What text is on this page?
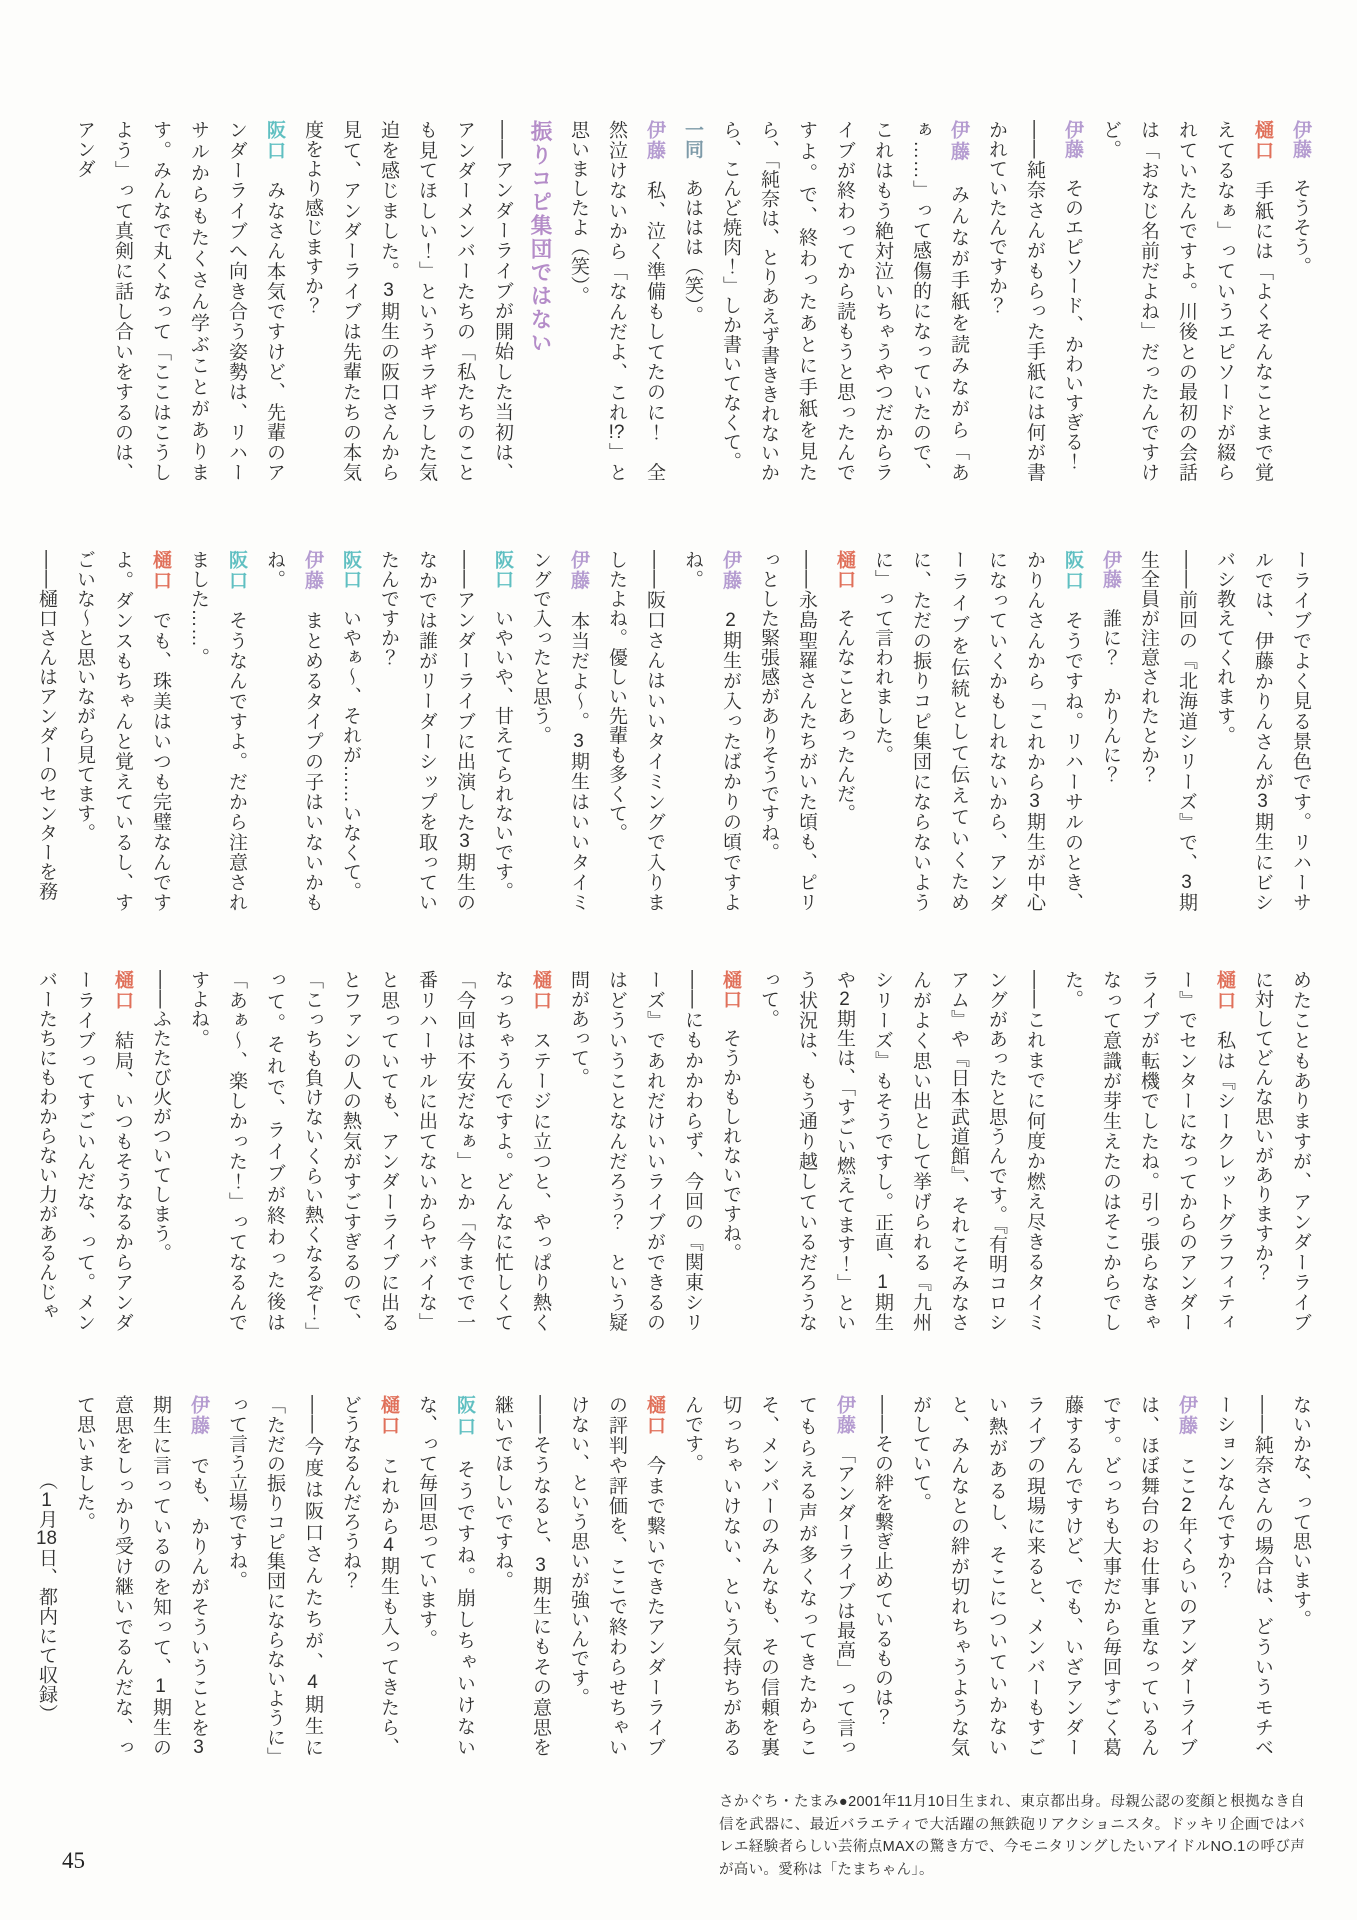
伊藤　そうそう。

樋口　手紙には「よくそんなことまで覚えてるなぁ」っていうエピソードが綴られていたんですよ。川後との最初の会話は「おなじ名前だよね」だったんですけど。

伊藤　そのエピソード、かわいすぎる！

——純奈さんがもらった手紙には何が書かれていたんですか？

伊藤　みんなが手紙を読みながら「あぁ……」って感傷的になっていたので、これはもう絶対泣いちゃうやつだからライブが終わってから読もうと思ったんですよ。で、終わったあとに手紙を見たら、「純奈は、とりあえず書ききれないから、こんど焼肉！」しか書いてなくて。

一同　あははは（笑）。

伊藤　私、泣く準備もしてたのに！　全然泣けないから「なんだよ、これ!?」と思いましたよ（笑）。

振りコピ集団ではない

——アンダーライブが開始した当初は、アンダーメンバーたちの「私たちのことも見てほしい！」というギラギラした気迫を感じました。3期生の阪口さんから見て、アンダーライブは先輩たちの本気度をより感じますか？

阪口　みなさん本気ですけど、先輩のアンダーライブへ向き合う姿勢は、リハーサルからもたくさん学ぶことがあります。みんなで丸くなって「ここはこうしよう」って真剣に話し合いをするのは、アンダ

ーライブでよく見る景色です。リハーサルでは、伊藤かりんさんが3期生にビシバシ教えてくれます。

——前回の『北海道シリーズ』で、3期生全員が注意されたとか？

伊藤　誰に？　かりんに？

阪口　そうですね。リハーサルのとき、かりんさんから「これから3期生が中心になっていくかもしれないから、アンダーライブを伝統として伝えていくために、ただの振りコピ集団にならないように」って言われました。

樋口　そんなことあったんだ。

——永島聖羅さんたちがいた頃も、ピリっとした緊張感がありそうですね。

伊藤　2期生が入ったばかりの頃ですよね。

——阪口さんはいいタイミングで入りましたよね。優しい先輩も多くて。

伊藤　本当だよ〜。3期生はいいタイミングで入ったと思う。

阪口　いやいや、甘えてられないです。

——アンダーライブに出演した3期生のなかでは誰がリーダーシップを取っていたんですか？

阪口　いやぁ〜、それが……いなくて。

伊藤　まとめるタイプの子はいないかもね。

阪口　そうなんですよ。だから注意されました……。

樋口　でも、珠美はいつも完璧なんですよ。ダンスもちゃんと覚えているし、すごいな〜と思いながら見てます。

——樋口さんはアンダーのセンターを務

めたこともありますが、アンダーライブに対してどんな思いがありますか？

樋口　私は『シークレットグラフィティー』でセンターになってからのアンダーライブが転機でしたね。引っ張らなきゃなって意識が芽生えたのはそこからでした。

——これまでに何度か燃え尽きるタイミングがあったと思うんです。『有明コロシアム』や『日本武道館』、それこそみなさんがよく思い出として挙げられる『九州シリーズ』もそうですし。正直、1期生や2期生は、「すごい燃えてます！」という状況は、もう通り越しているだろうなって。

樋口　そうかもしれないですね。

——にもかかわらず、今回の『関東シリーズ』であれだけいいライブができるのはどういうことなんだろう？　という疑問があって。

樋口　ステージに立つと、やっぱり熱くなっちゃうんですよ。どんなに忙しくて「今回は不安だなぁ」とか「今までで一番リハーサルに出てないからヤバイな」と思っていても、アンダーライブに出るとファンの人の熱気がすごすぎるので、「こっちも負けないくらい熱くなるぞ！」って。それで、ライブが終わった後は「あぁ〜、楽しかった！」ってなるんですよね。

——ふたたび火がついてしまう。

樋口　結局、いつもそうなるからアンダーライブってすごいんだな、って。メンバーたちにもわからない力があるんじゃ

ないかな、って思います。

——純奈さんの場合は、どういうモチベーションなんですか？

伊藤　ここ2年くらいのアンダーライブは、ほぼ舞台のお仕事と重なっているんです。どっちも大事だから毎回すごく葛藤するんですけど、でも、いざアンダーライブの現場に来ると、メンバーもすごい熱があるし、そこについていかないと、みんなとの絆が切れちゃうような気がしていて。

——その絆を繋ぎ止めているものは？

伊藤　「アンダーライブは最高」って言ってもらえる声が多くなってきたからこそ、メンバーのみんなも、その信頼を裏切っちゃいけない、という気持ちがあるんです。

樋口　今まで繋いできたアンダーライブの評判や評価を、ここで終わらせちゃいけない、という思いが強いんです。

——そうなると、3期生にもその意思を継いでほしいですね。

阪口　そうですね。崩しちゃいけないな、って毎回思っています。

樋口　これから4期生も入ってきたら、どうなるんだろうね？

——今度は阪口さんたちが、4期生に「ただの振りコピ集団にならないように」って言う立場ですね。

伊藤　でも、かりんがそういうことを3期生に言っているのを知って、1期生の意思をしっかり受け継いでるんだな、って思いました。

（1月18日、都内にて収録）

さかぐち・たまみ●2001年11月10日生まれ、東京都出身。母親公認の変顔と根拠なき自信を武器に、最近バラエティで大活躍の無鉄砲リアクショニスタ。ドッキリ企画ではバレエ経験者らしい芸術点MAXの驚き方で、今モニタリングしたいアイドルNO.1の呼び声が高い。愛称は「たまちゃん」。
45
